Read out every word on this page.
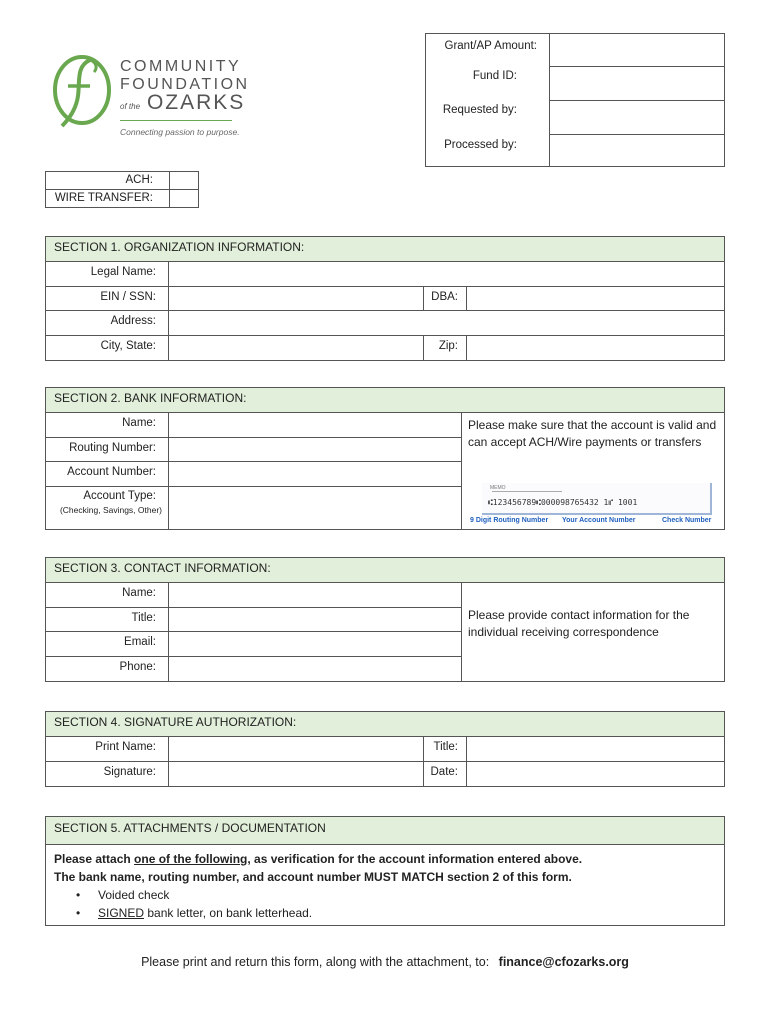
COMMUNITY
FOUNDATION
of the OZARKS
Connecting passion to purpose.
Grant/AP Amount:
Fund ID:
Requested by:
Processed by:
ACH:
WIRE TRANSFER:
SECTION 1. ORGANIZATION INFORMATION:
Legal Name:
EIN / SSN:	DBA:
Address:
City, State:	Zip:
SECTION 2. BANK INFORMATION:
Name:
Routing Number:
Account Number:
Account Type:
(Checking, Savings, Other)
Please make sure that the account is valid and can accept ACH/Wire payments or transfers
MEMO
⑆123456789⑆000098765432 1⑈ 1001
9 Digit Routing Number Your Account Number	Check Number
SECTION 3. CONTACT INFORMATION:
Name:
Title:
Email:
Phone:
Please provide contact information for the individual receiving correspondence
SECTION 4. SIGNATURE AUTHORIZATION:
Print Name:	Title:
Signature:	Date:
SECTION 5. ATTACHMENTS / DOCUMENTATION
Please attach one of the following, as verification for the account information entered above.
The bank name, routing number, and account number MUST MATCH section 2 of this form.
• Voided check
• SIGNED bank letter, on bank letterhead.
Please print and return this form, along with the attachment, to: finance@cfozarks.org
